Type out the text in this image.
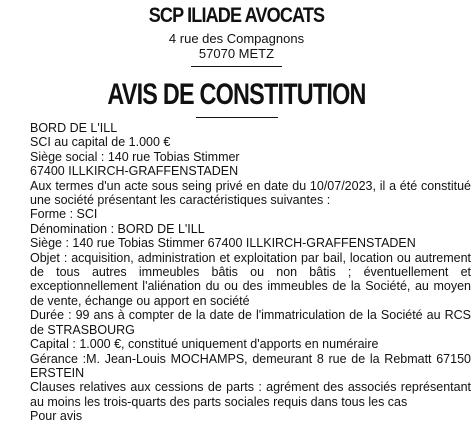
SCP ILIADE AVOCATS
4 rue des Compagnons
57070 METZ
AVIS DE CONSTITUTION

BORD DE L'ILL

SCI au capital de 1.000 €

Siège social : 140 rue Tobias Stimmer

67400 ILLKIRCH-GRAFFENSTADEN

Aux termes d'un acte sous seing privé en date du 10/07/2023, il a été constitué une société présentant les caractéristiques suivantes :

Forme : SCI

Dénomination : BORD DE L'ILL

Siège : 140 rue Tobias Stimmer 67400 ILLKIRCH-GRAFFENSTADEN

Objet : acquisition, administration et exploitation par bail, location ou autrement de tous autres immeubles bâtis ou non bâtis ; éventuellement et exceptionnellement l'aliénation du ou des immeubles de la Société, au moyen de vente, échange ou apport en société

Durée : 99 ans à compter de la date de l'immatriculation de la Société au RCS de STRASBOURG

Capital : 1.000 €, constitué uniquement d'apports en numéraire

Gérance :M. Jean-Louis MOCHAMPS, demeurant 8 rue de la Rebmatt 67150 ERSTEIN

Clauses relatives aux cessions de parts : agrément des associés représentant au moins les trois-quarts des parts sociales requis dans tous les cas

Pour avis
